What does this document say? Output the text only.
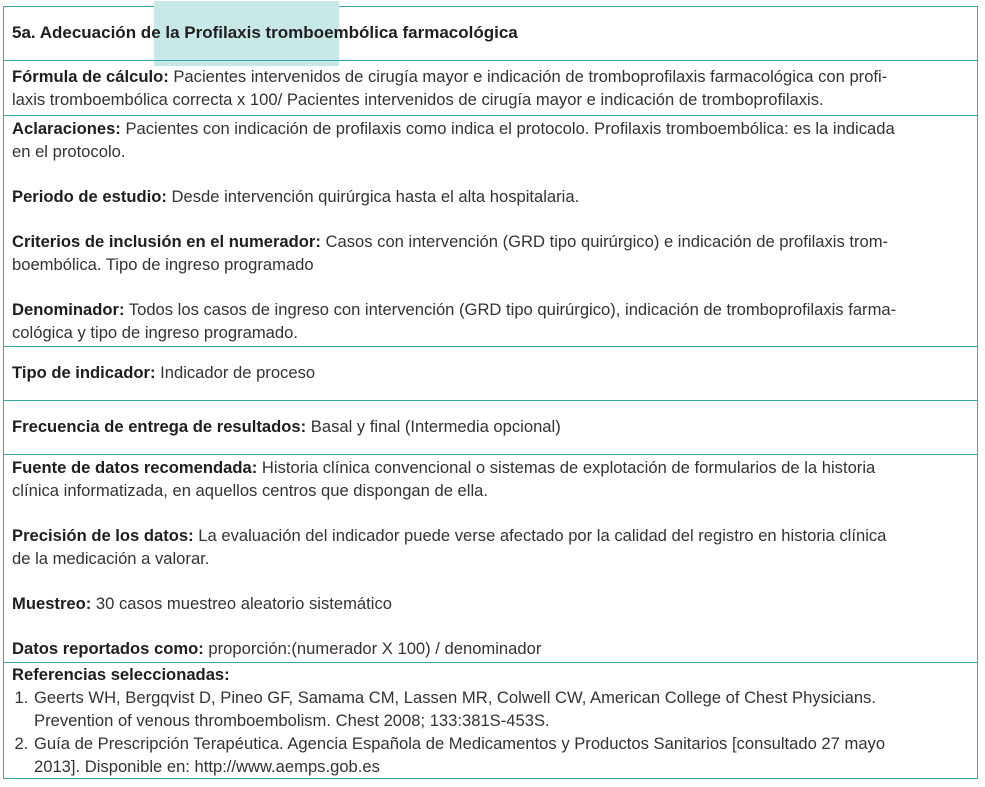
5a. Adecuación de la Profilaxis tromboembólica farmacológica

Fórmula de cálculo: Pacientes intervenidos de cirugía mayor e indicación de tromboprofilaxis farmacológica con profi-

laxis tromboembólica correcta x 100/ Pacientes intervenidos de cirugía mayor e indicación de tromboprofilaxis.

Aclaraciones: Pacientes con indicación de profilaxis como indica el protocolo. Profilaxis tromboembólica: es la indicada

en el protocolo.

Periodo de estudio: Desde intervención quirúrgica hasta el alta hospitalaria.

Criterios de inclusión en el numerador: Casos con intervención (GRD tipo quirúrgico) e indicación de profilaxis trom-

boembólica. Tipo de ingreso programado

Denominador: Todos los casos de ingreso con intervención (GRD tipo quirúrgico), indicación de tromboprofilaxis farma-

cológica y tipo de ingreso programado.

Tipo de indicador: Indicador de proceso

Frecuencia de entrega de resultados: Basal y final (Intermedia opcional)

Fuente de datos recomendada: Historia clínica convencional o sistemas de explotación de formularios de la historia

clínica informatizada, en aquellos centros que dispongan de ella.

Precisión de los datos: La evaluación del indicador puede verse afectado por la calidad del registro en historia clínica

de la medicación a valorar.

Muestreo: 30 casos muestreo aleatorio sistemático

Datos reportados como: proporción:(numerador X 100) / denominador

Referencias seleccionadas:

1. Geerts WH, Bergqvist D, Pineo GF, Samama CM, Lassen MR, Colwell CW, American College of Chest Physicians.
Prevention of venous thromboembolism. Chest 2008; 133:381S-453S.
2. Guía de Prescripción Terapéutica. Agencia Española de Medicamentos y Productos Sanitarios [consultado 27 mayo
2013]. Disponible en: http://www.aemps.gob.es
